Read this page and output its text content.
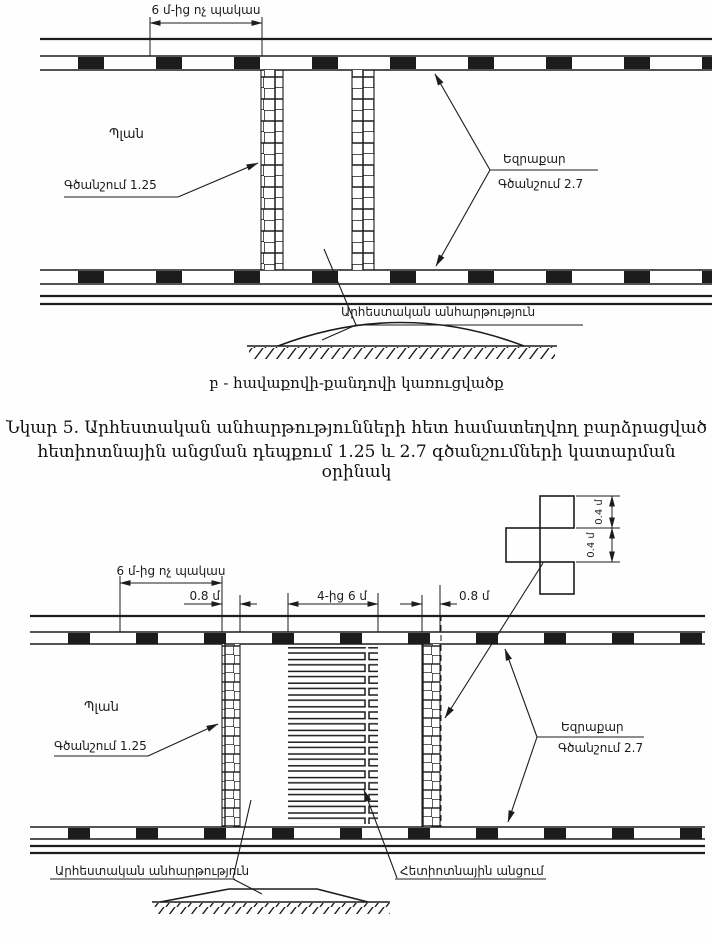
6 մ-ից ոչ պակաս
Պլան
Գծանշում 1.25
Եզրաքար
Գծանշում 2.7
Արհեստական անհարթություն
բ - հավաքովի-քանդովի կառուցվածք
Նկար 5. Արհեստական անհարթությունների հետ համատեղվող բարձրացված
հետիոտնային անցման դեպքում 1.25 և 2.7 գծանշումների կատարման օրինակ
6 մ-ից ոչ պակաս
0.8 մ	4-ից 6 մ	0.8 մ
0.4 մ
0.4 մ
Պլան
Գծանշում 1.25
Եզրաքար
Գծանշում 2.7
Արհեստական անհարթություն	Հետիոտնային անցում
